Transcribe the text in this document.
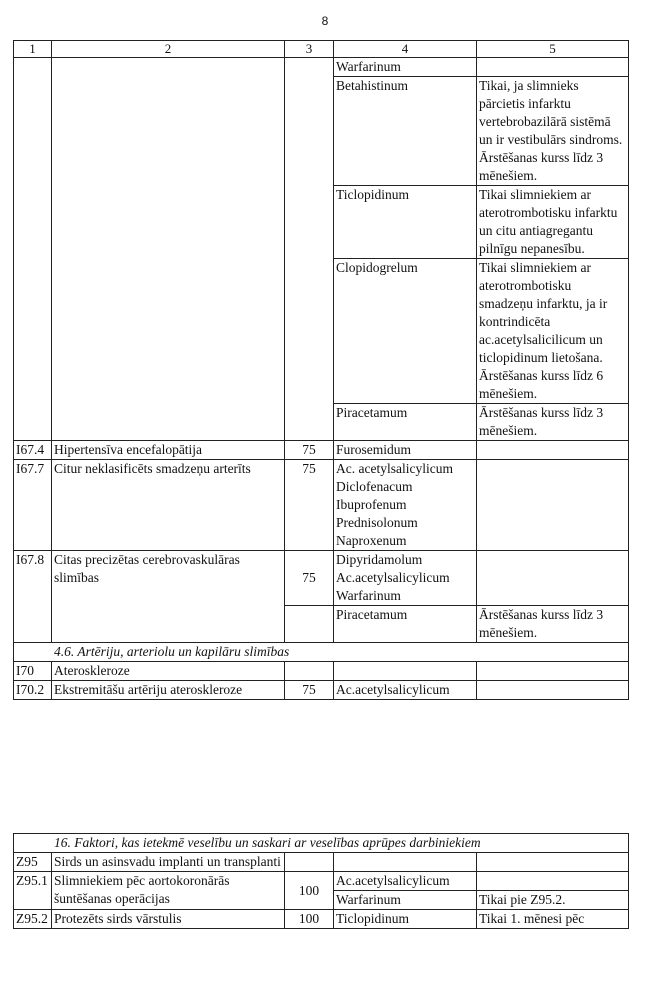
8
1	2	3	4	5
			Warfarinum	
			Betahistinum	Tikai, ja slimnieks pārcietis infarktu vertebrobazilārā sistēmā un ir vestibulārs sindroms. Ārstēšanas kurss līdz 3 mēnešiem.
			Ticlopidinum	Tikai slimniekiem ar aterotrombotisku infarktu un citu antiagregantu pilnīgu nepanesību.
			Clopidogrelum	Tikai slimniekiem ar aterotrombotisku smadzeņu infarktu, ja ir kontrindicēta ac.acetylsalicilicum un ticlopidinum lietošana. Ārstēšanas kurss līdz 6 mēnešiem.
			Piracetamum	Ārstēšanas kurss līdz 3 mēnešiem.
I67.4	Hipertensīva encefalopātija	75	Furosemidum	
I67.7	Citur neklasificēts smadzeņu arterīts	75	Ac. acetylsalicylicum
Diclofenacum
Ibuprofenum
Prednisolonum
Naproxenum	

I67.8	Citas precizētas cerebrovaskulāras slimības	75	Dipyridamolum
Ac.acetylsalicylicum
Warfarinum	

			Piracetamum	Ārstēšanas kurss līdz 3 mēnešiem.
4.6. Artēriju, arteriolu un kapilāru slimības				
I70	Ateroskleroze			
I70.2	Ekstremitāšu artēriju ateroskleroze	75	Ac.acetylsalicylicum	
16. Faktori, kas ietekmē veselību un saskari ar veselības aprūpes darbiniekiem				
Z95	Sirds un asinsvadu implanti un transplanti			
Z95.1	Slimniekiem pēc aortokoronārās šuntēšanas operācijas	100	Ac.acetylsalicylicum	
			Warfarinum	Tikai pie Z95.2.
Z95.2	Protezēts sirds vārstulis	100	Ticlopidinum	Tikai 1. mēnesi pēc
